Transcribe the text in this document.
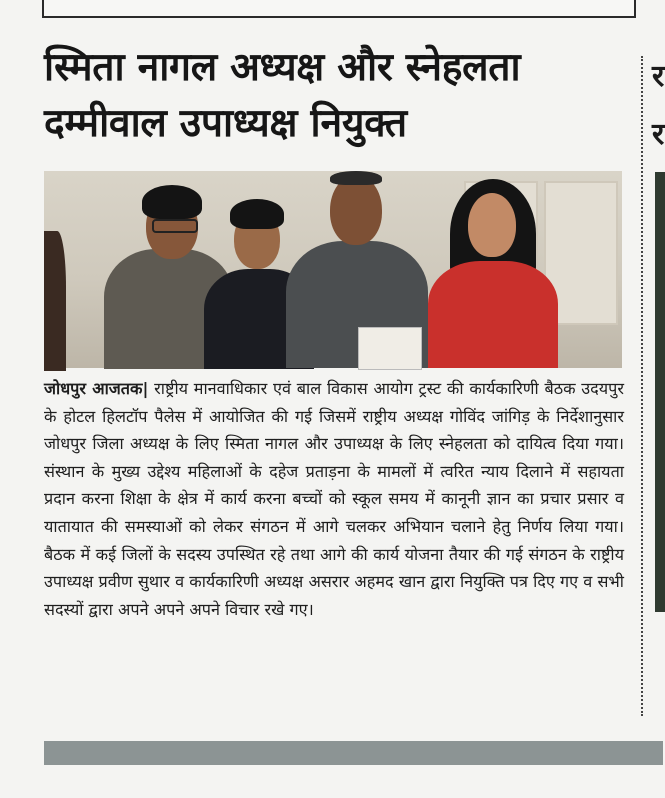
स्मिता नागल अध्यक्ष और स्नेहलता
दम्मीवाल उपाध्यक्ष नियुक्त

जोधपुर आजतक| राष्ट्रीय मानवाधिकार एवं बाल विकास आयोग ट्रस्ट की कार्यकारिणी बैठक उदयपुर के होटल हिलटॉप पैलेस में आयोजित की गई जिसमें राष्ट्रीय अध्यक्ष गोविंद जांगिड़ के निर्देशानुसार जोधपुर जिला अध्यक्ष के लिए स्मिता नागल और उपाध्यक्ष के लिए स्नेहलता को दायित्व दिया गया। संस्थान के मुख्य उद्देश्य महिलाओं के दहेज प्रताड़ना के मामलों में त्वरित न्याय दिलाने में सहायता प्रदान करना शिक्षा के क्षेत्र में कार्य करना बच्चों को स्कूल समय में कानूनी ज्ञान का प्रचार प्रसार व यातायात की समस्याओं को लेकर संगठन में आगे चलकर अभियान चलाने हेतु निर्णय लिया गया। बैठक में कई जिलों के सदस्य उपस्थित रहे तथा आगे की कार्य योजना तैयार की गई संगठन के राष्ट्रीय उपाध्यक्ष प्रवीण सुथार व कार्यकारिणी अध्यक्ष असरार अहमद खान द्वारा नियुक्ति पत्र दिए गए व सभी सदस्यों द्वारा अपने अपने अपने विचार रखे गए।

र
र
